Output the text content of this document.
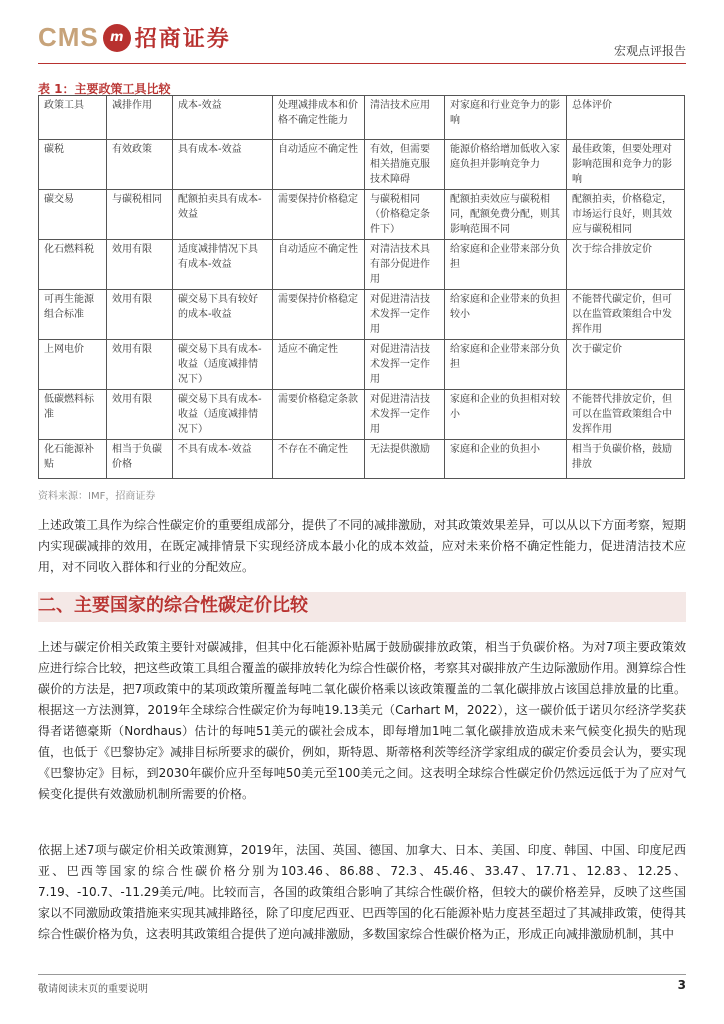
CMS m 招商证券	宏观点评报告
表 1：主要政策工具比较
政策工具	减排作用	成本-效益	处理减排成本和价格不确定性能力	清洁技术应用	对家庭和行业竞争力的影响	总体评价
碳税	有效政策	具有成本-效益	自动适应不确定性	有效，但需要相关措施克服技术障碍	能源价格给增加低收入家庭负担并影响竞争力	最佳政策，但要处理对影响范围和竞争力的影响
碳交易	与碳税相同	配额拍卖具有成本-效益	需要保持价格稳定	与碳税相同（价格稳定条件下）	配额拍卖效应与碳税相同，配额免费分配，则其影响范围不同	配额拍卖，价格稳定，市场运行良好，则其效应与碳税相同
化石燃料税	效用有限	适度减排情况下具有成本-效益	自动适应不确定性	对清洁技术具有部分促进作用	给家庭和企业带来部分负担	次于综合排放定价
可再生能源组合标准	效用有限	碳交易下具有较好的成本-收益	需要保持价格稳定	对促进清洁技术发挥一定作用	给家庭和企业带来的负担较小	不能替代碳定价，但可以在监管政策组合中发挥作用
上网电价	效用有限	碳交易下具有成本-收益（适度减排情况下）	适应不确定性	对促进清洁技术发挥一定作用	给家庭和企业带来部分负担	次于碳定价
低碳燃料标准	效用有限	碳交易下具有成本-收益（适度减排情况下）	需要价格稳定条款	对促进清洁技术发挥一定作用	家庭和企业的负担相对较小	不能替代排放定价，但可以在监管政策组合中发挥作用
化石能源补贴	相当于负碳价格	不具有成本-效益	不存在不确定性	无法提供激励	家庭和企业的负担小	相当于负碳价格，鼓励排放
资料来源：IMF，招商证券

上述政策工具作为综合性碳定价的重要组成部分，提供了不同的减排激励，对其政策效果差异，可以从以下方面考察，短期内实现碳减排的效用，在既定减排情景下实现经济成本最小化的成本效益，应对未来价格不确定性能力，促进清洁技术应用，对不同收入群体和行业的分配效应。

二、主要国家的综合性碳定价比较

上述与碳定价相关政策主要针对碳减排，但其中化石能源补贴属于鼓励碳排放政策，相当于负碳价格。为对7项主要政策效应进行综合比较，把这些政策工具组合覆盖的碳排放转化为综合性碳价格，考察其对碳排放产生边际激励作用。测算综合性碳价的方法是，把7项政策中的某项政策所覆盖每吨二氧化碳价格乘以该政策覆盖的二氧化碳排放占该国总排放量的比重。根据这一方法测算，2019年全球综合性碳定价为每吨19.13美元（Carhart M，2022），这一碳价低于诺贝尔经济学奖获得者诺德豪斯（Nordhaus）估计的每吨51美元的碳社会成本，即每增加1吨二氧化碳排放造成未来气候变化损失的贴现值，也低于《巴黎协定》减排目标所要求的碳价，例如，斯特恩、斯蒂格利茨等经济学家组成的碳定价委员会认为，要实现《巴黎协定》目标，到2030年碳价应升至每吨50美元至100美元之间。这表明全球综合性碳定价仍然远远低于为了应对气候变化提供有效激励机制所需要的价格。

依据上述7项与碳定价相关政策测算，2019年，法国、英国、德国、加拿大、日本、美国、印度、韩国、中国、印度尼西亚、巴西等国家的综合性碳价格分别为103.46、86.88、72.3、45.46、33.47、17.71、12.83、12.25、7.19、-10.7、-11.29美元/吨。比较而言，各国的政策组合影响了其综合性碳价格，但较大的碳价格差异，反映了这些国家以不同激励政策措施来实现其减排路径，除了印度尼西亚、巴西等国的化石能源补贴力度甚至超过了其减排政策，使得其综合性碳价格为负，这表明其政策组合提供了逆向减排激励，多数国家综合性碳价格为正，形成正向减排激励机制，其中

敬请阅读末页的重要说明	3
